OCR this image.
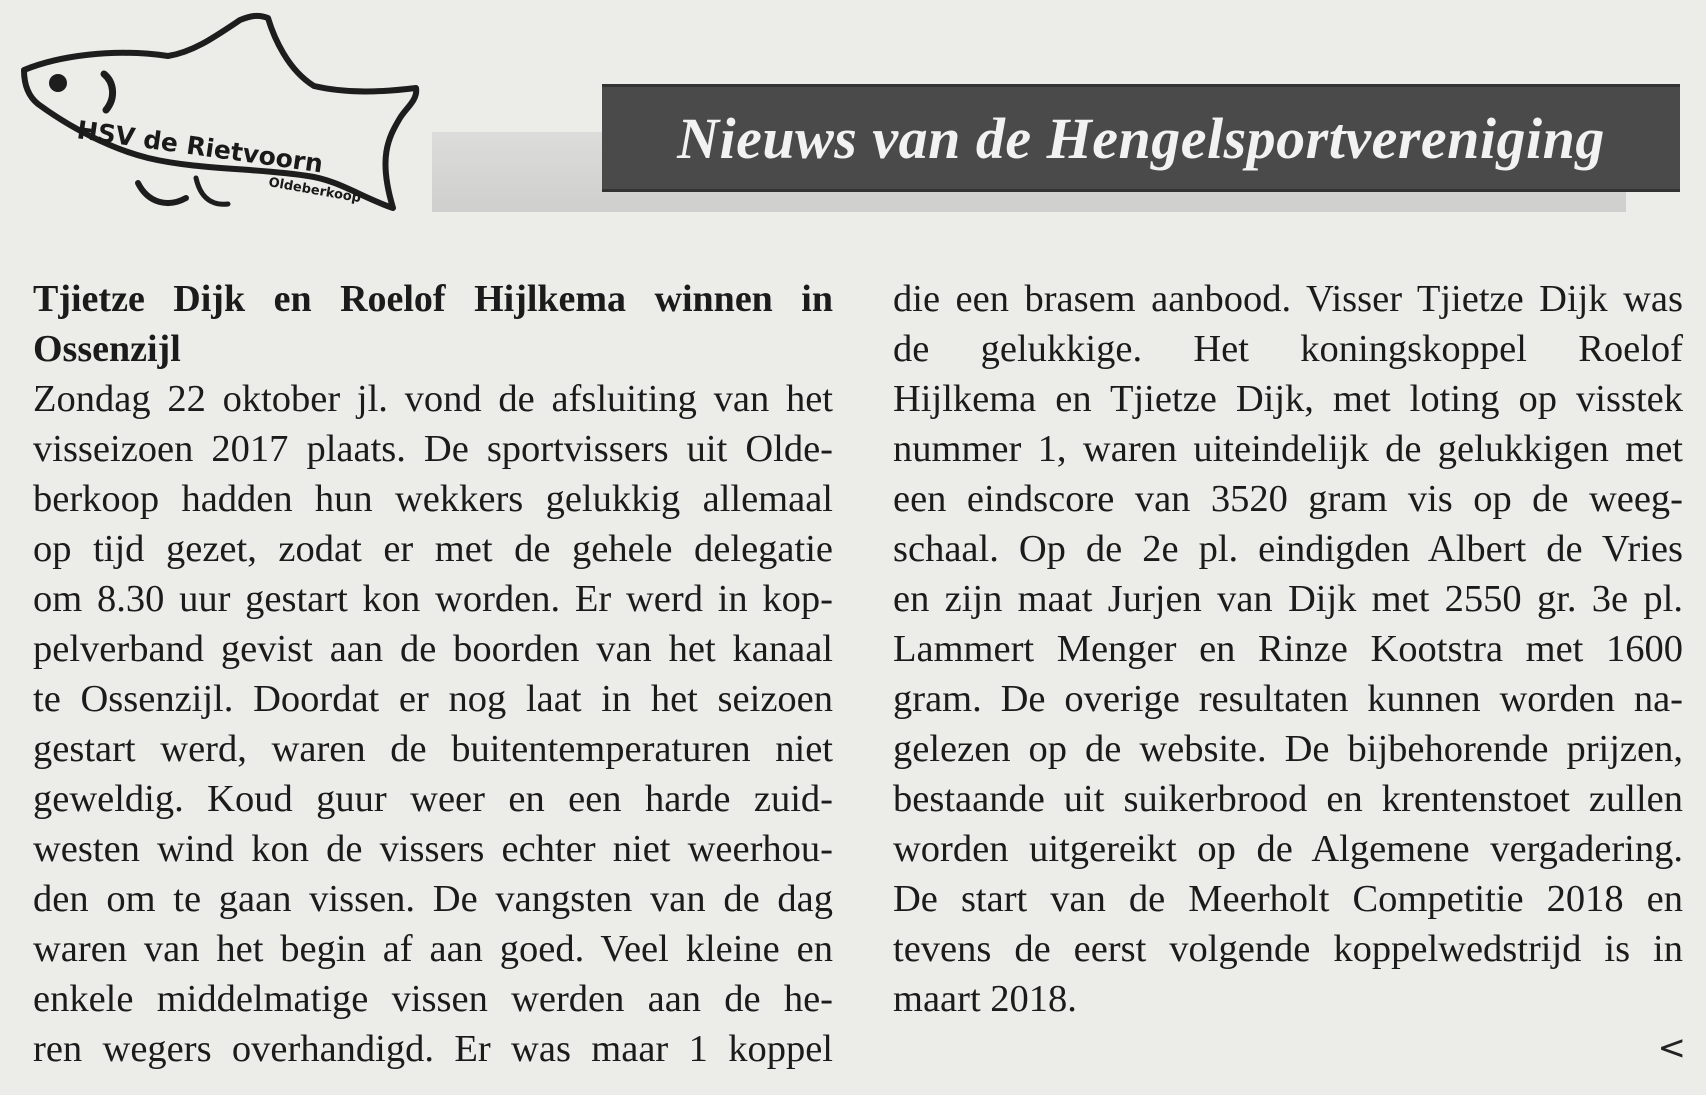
HSV de Rietvoorn
Oldeberkoop
Nieuws van de Hengelsportvereniging
Tjietze Dijk en Roelof Hijlkema winnen in
Ossenzijl
Zondag 22 oktober jl. vond de afsluiting van het
visseizoen 2017 plaats. De sportvissers uit Olde-
berkoop hadden hun wekkers gelukkig allemaal
op tijd gezet, zodat er met de gehele delegatie
om 8.30 uur gestart kon worden. Er werd in kop-
pelverband gevist aan de boorden van het kanaal
te Ossenzijl. Doordat er nog laat in het seizoen
gestart werd, waren de buitentemperaturen niet
geweldig. Koud guur weer en een harde zuid-
westen wind kon de vissers echter niet weerhou-
den om te gaan vissen. De vangsten van de dag
waren van het begin af aan goed. Veel kleine en
enkele middelmatige vissen werden aan de he-
ren wegers overhandigd. Er was maar 1 koppel
die een brasem aanbood. Visser Tjietze Dijk was
de gelukkige. Het koningskoppel Roelof
Hijlkema en Tjietze Dijk, met loting op visstek
nummer 1, waren uiteindelijk de gelukkigen met
een eindscore van 3520 gram vis op de weeg-
schaal. Op de 2e pl. eindigden Albert de Vries
en zijn maat Jurjen van Dijk met 2550 gr. 3e pl.
Lammert Menger en Rinze Kootstra met 1600
gram. De overige resultaten kunnen worden na-
gelezen op de website. De bijbehorende prijzen,
bestaande uit suikerbrood en krentenstoet zullen
worden uitgereikt op de Algemene vergadering.
De start van de Meerholt Competitie 2018 en
tevens de eerst volgende koppelwedstrijd is in
maart 2018.
<
